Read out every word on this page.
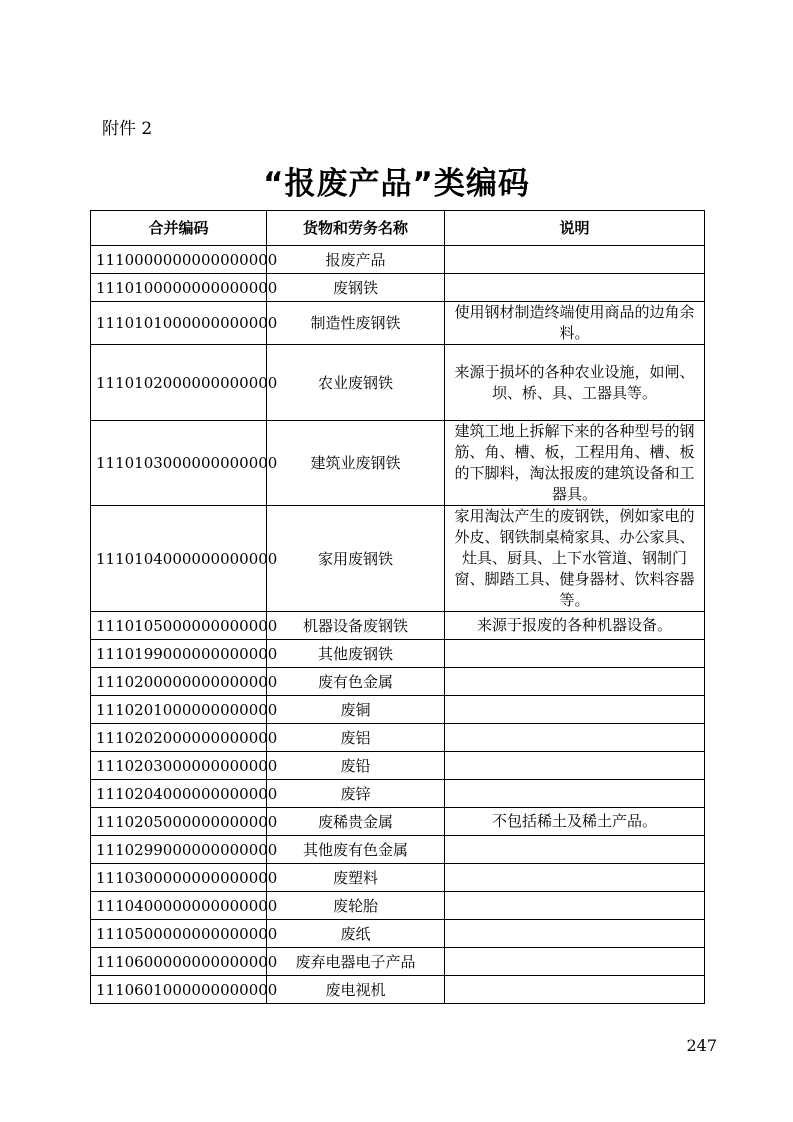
附件 2
“报废产品”类编码
合并编码	货物和劳务名称	说明
1110000000000000000	报废产品	
1110100000000000000	废钢铁	
1110101000000000000	制造性废钢铁	使用钢材制造终端使用商品的边角余料。
1110102000000000000	农业废钢铁	来源于损坏的各种农业设施，如闸、坝、桥、具、工器具等。
1110103000000000000	建筑业废钢铁	建筑工地上拆解下来的各种型号的钢筋、角、槽、板，工程用角、槽、板的下脚料，淘汰报废的建筑设备和工器具。
1110104000000000000	家用废钢铁	家用淘汰产生的废钢铁，例如家电的外皮、钢铁制桌椅家具、办公家具、灶具、厨具、上下水管道、钢制门窗、脚踏工具、健身器材、饮料容器等。
1110105000000000000	机器设备废钢铁	来源于报废的各种机器设备。
1110199000000000000	其他废钢铁	
1110200000000000000	废有色金属	
1110201000000000000	废铜	
1110202000000000000	废铝	
1110203000000000000	废铅	
1110204000000000000	废锌	
1110205000000000000	废稀贵金属	不包括稀土及稀土产品。
1110299000000000000	其他废有色金属	
1110300000000000000	废塑料	
1110400000000000000	废轮胎	
1110500000000000000	废纸	
1110600000000000000	废弃电器电子产品	
1110601000000000000	废电视机	
247
